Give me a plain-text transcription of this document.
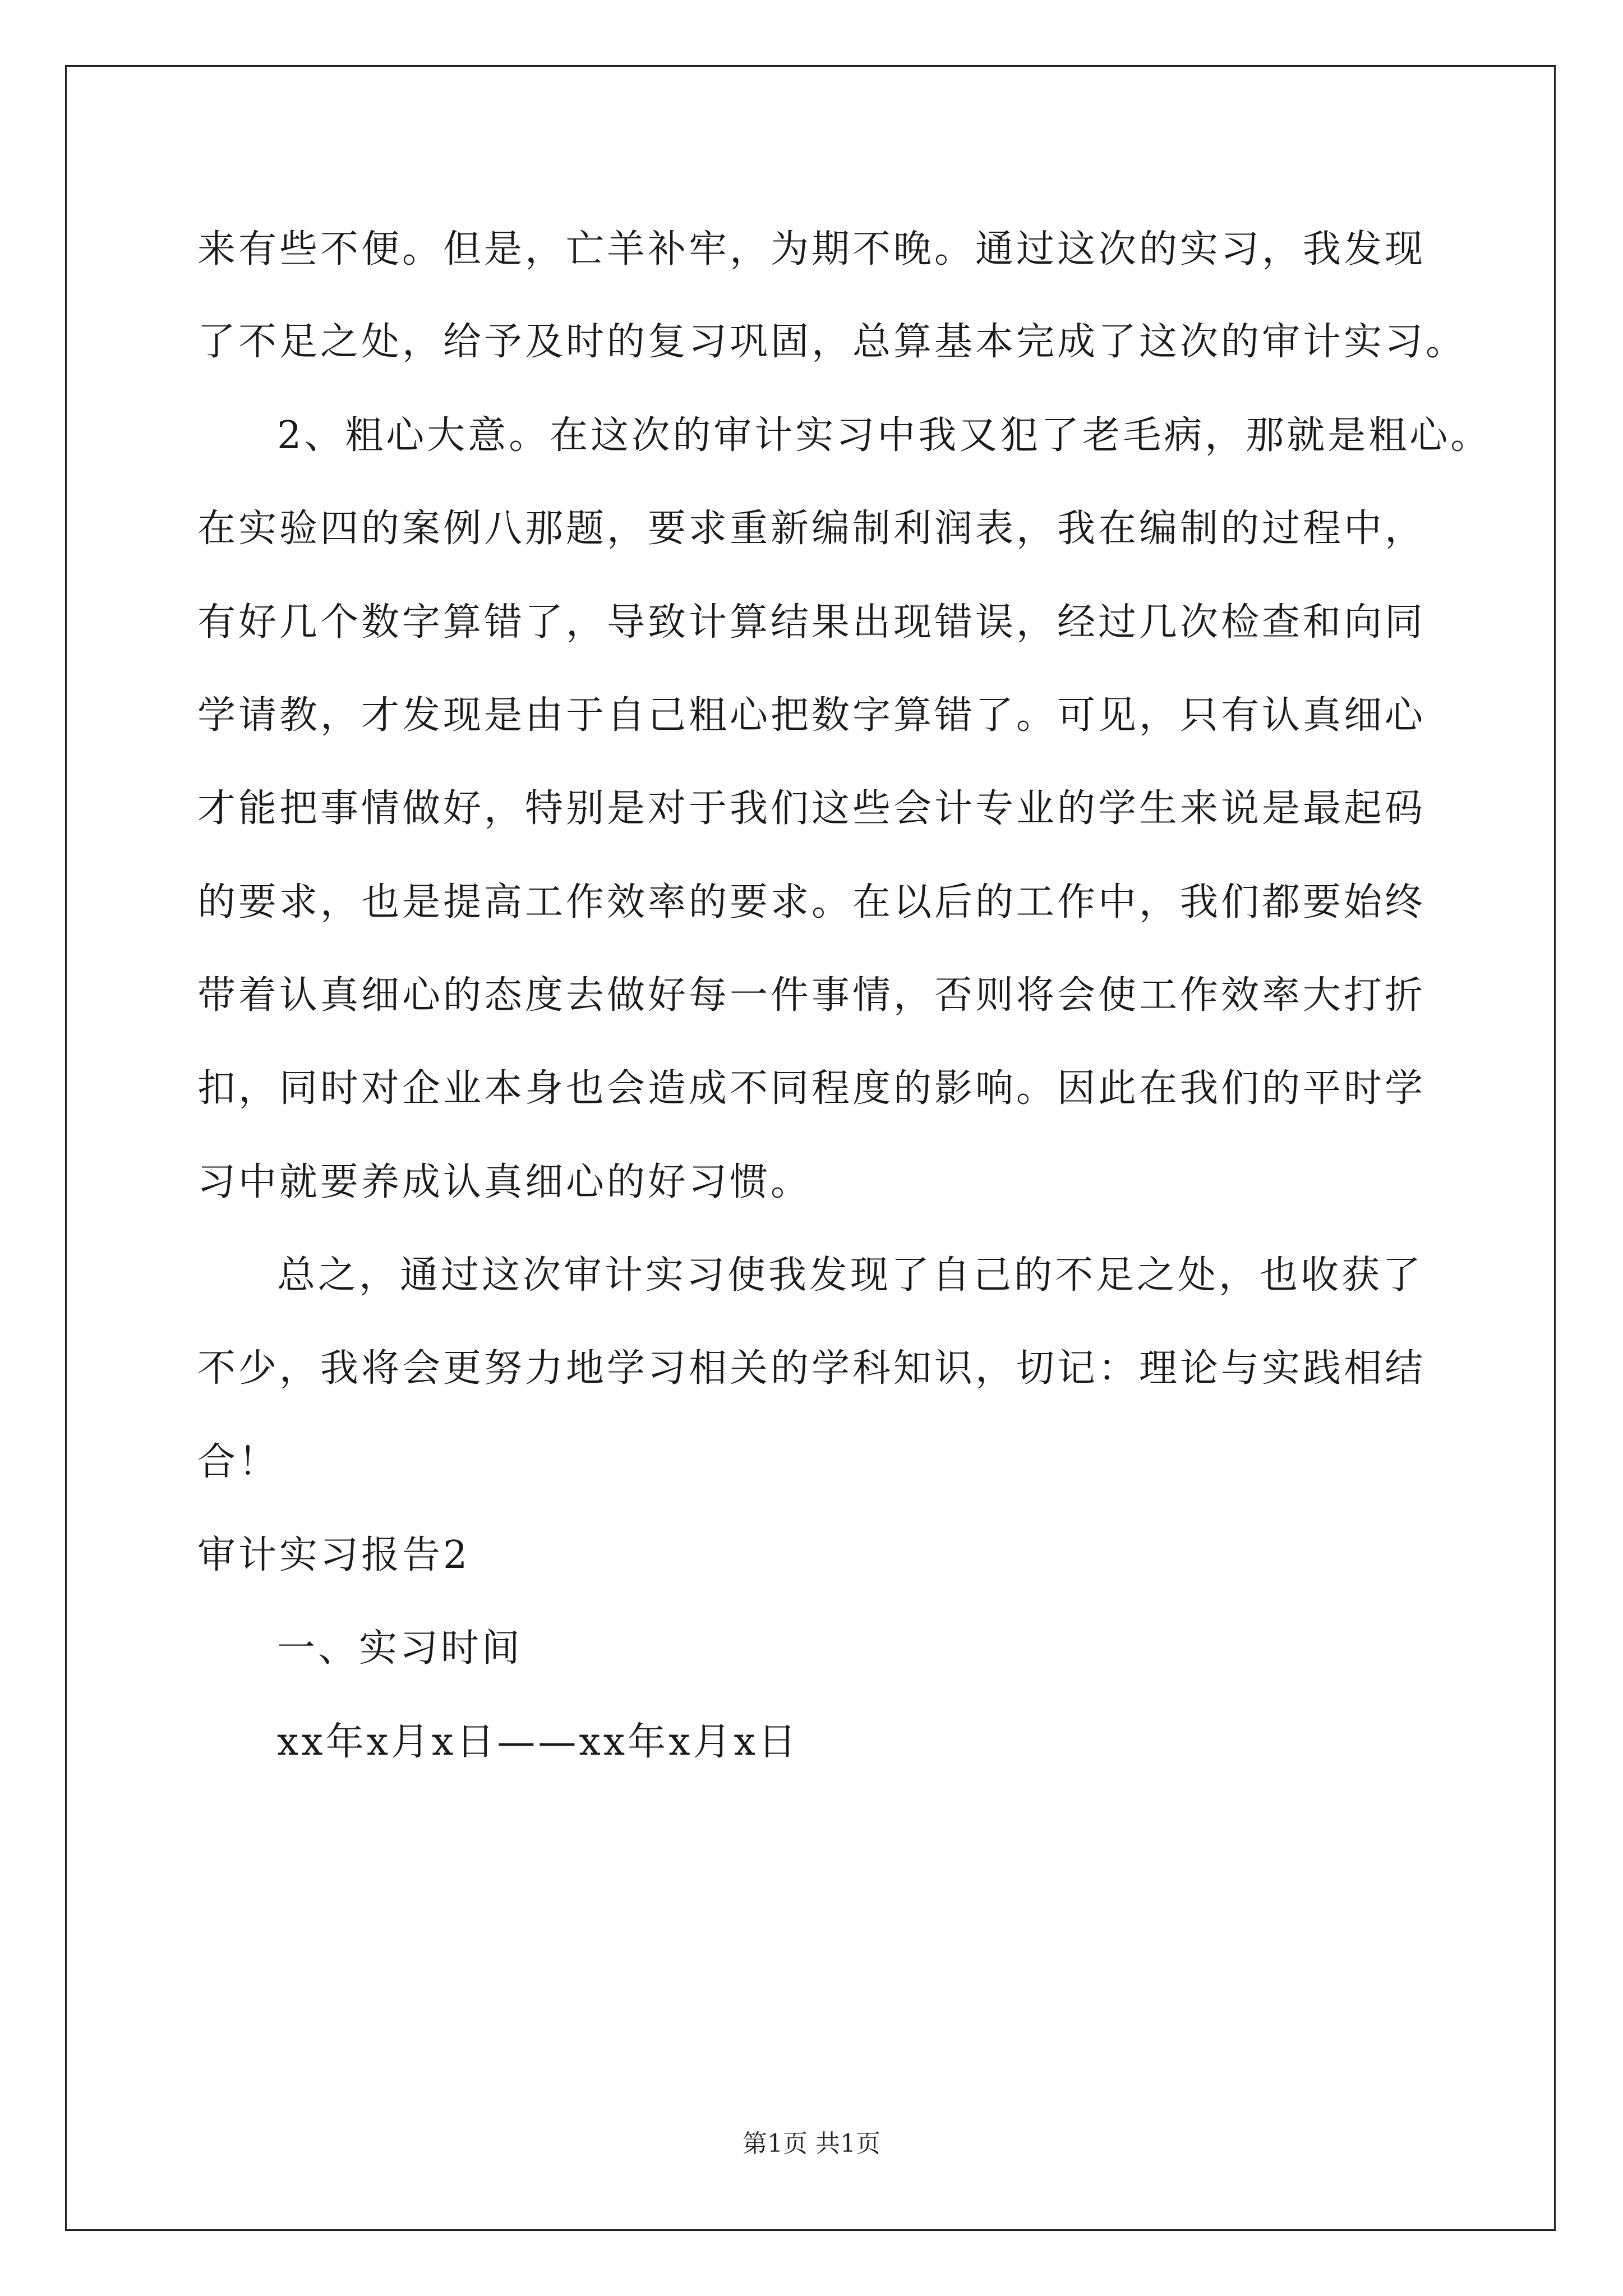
来有些不便。但是，亡羊补牢，为期不晚。通过这次的实习，我发现
了不足之处，给予及时的复习巩固，总算基本完成了这次的审计实习。
2、粗心大意。在这次的审计实习中我又犯了老毛病，那就是粗心。
在实验四的案例八那题，要求重新编制利润表，我在编制的过程中，
有好几个数字算错了，导致计算结果出现错误，经过几次检查和向同
学请教，才发现是由于自己粗心把数字算错了。可见，只有认真细心
才能把事情做好，特别是对于我们这些会计专业的学生来说是最起码
的要求，也是提高工作效率的要求。在以后的工作中，我们都要始终
带着认真细心的态度去做好每一件事情，否则将会使工作效率大打折
扣，同时对企业本身也会造成不同程度的影响。因此在我们的平时学
习中就要养成认真细心的好习惯。
总之，通过这次审计实习使我发现了自己的不足之处，也收获了
不少，我将会更努力地学习相关的学科知识，切记：理论与实践相结
合！
审计实习报告2
一、实习时间
xx年x月x日——xx年x月x日
第1页 共1页
